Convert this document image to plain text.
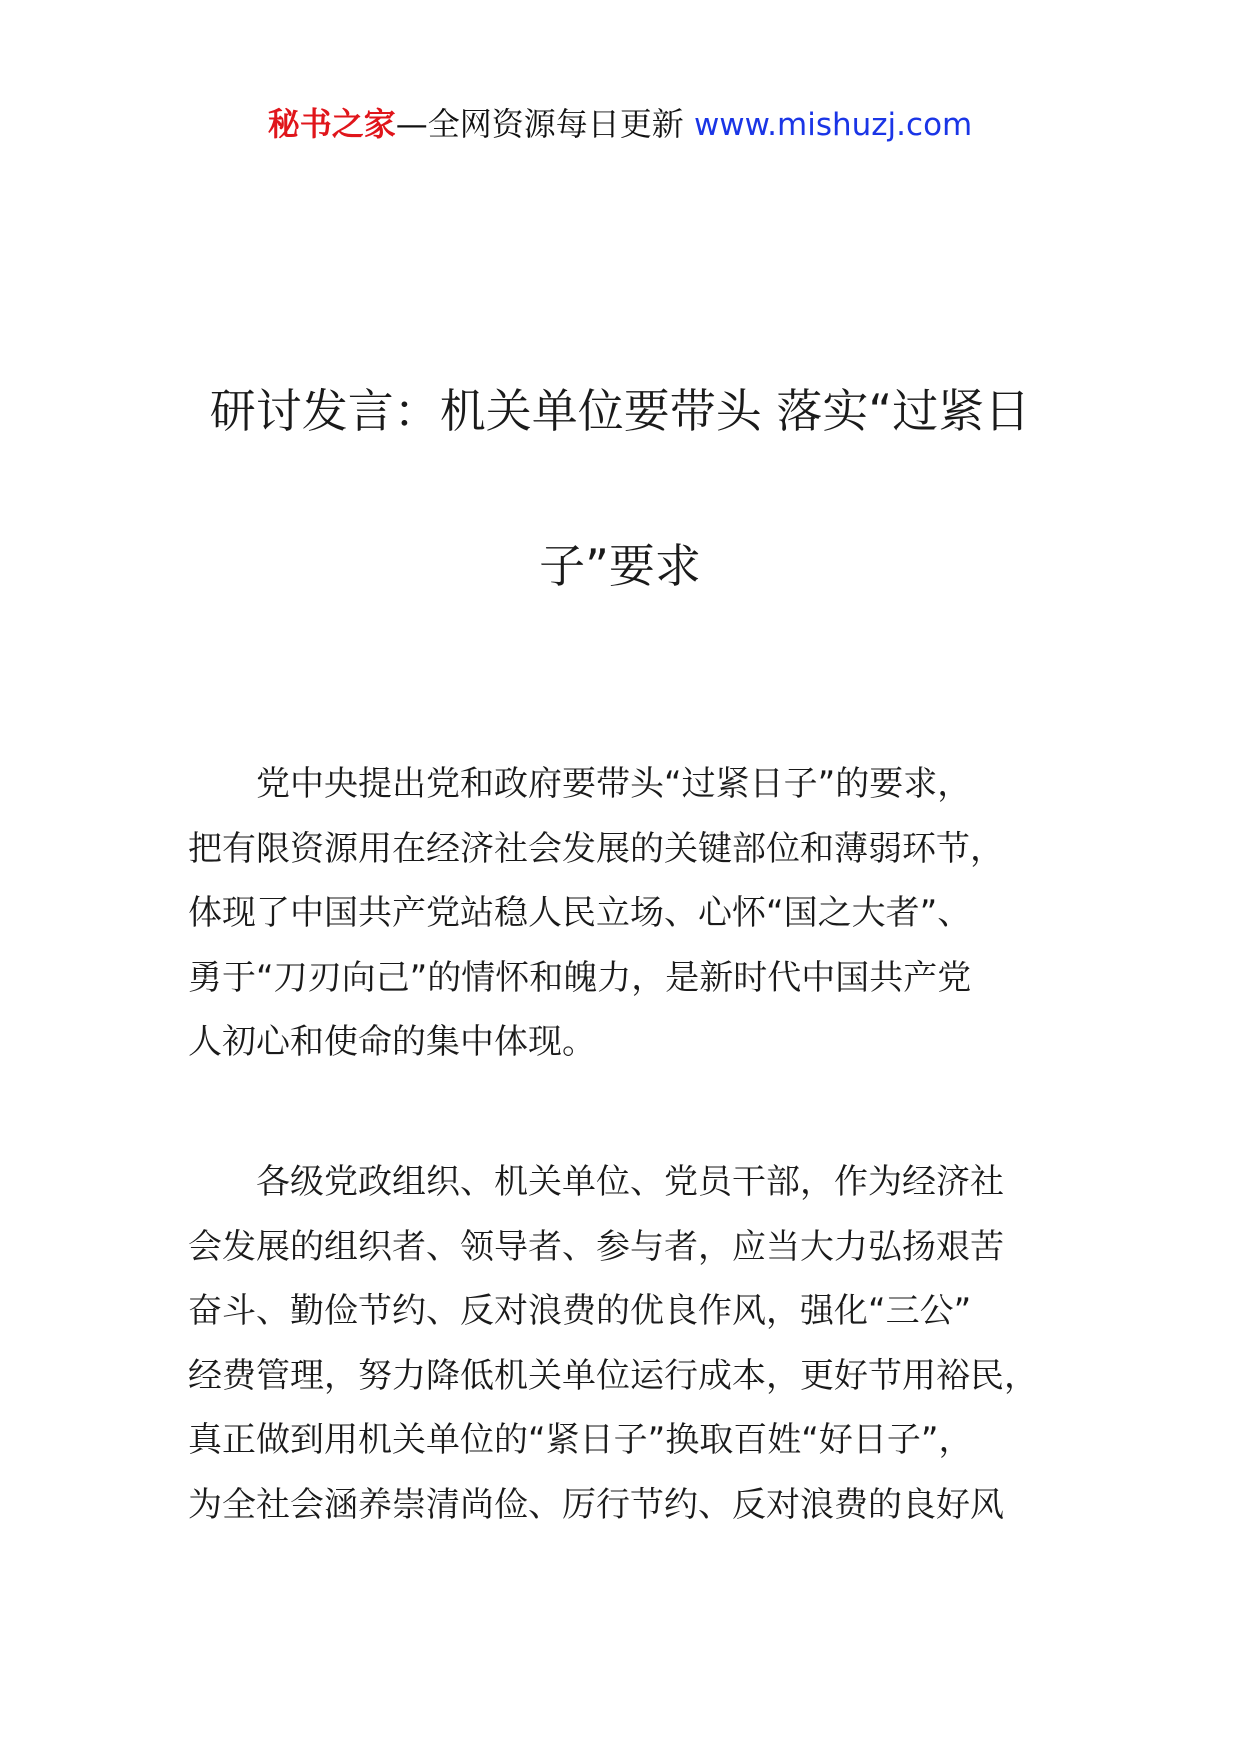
秘书之家—全网资源每日更新 www.mishuzj.com
研讨发言：机关单位要带头 落实“过紧日
子”要求
　　党中央提出党和政府要带头“过紧日子”的要求，
把有限资源用在经济社会发展的关键部位和薄弱环节，
体现了中国共产党站稳人民立场、心怀“国之大者”、
勇于“刀刃向己”的情怀和魄力，是新时代中国共产党
人初心和使命的集中体现。
　　各级党政组织、机关单位、党员干部，作为经济社
会发展的组织者、领导者、参与者，应当大力弘扬艰苦
奋斗、勤俭节约、反对浪费的优良作风，强化“三公”
经费管理，努力降低机关单位运行成本，更好节用裕民，
真正做到用机关单位的“紧日子”换取百姓“好日子”，
为全社会涵养崇清尚俭、厉行节约、反对浪费的良好风
